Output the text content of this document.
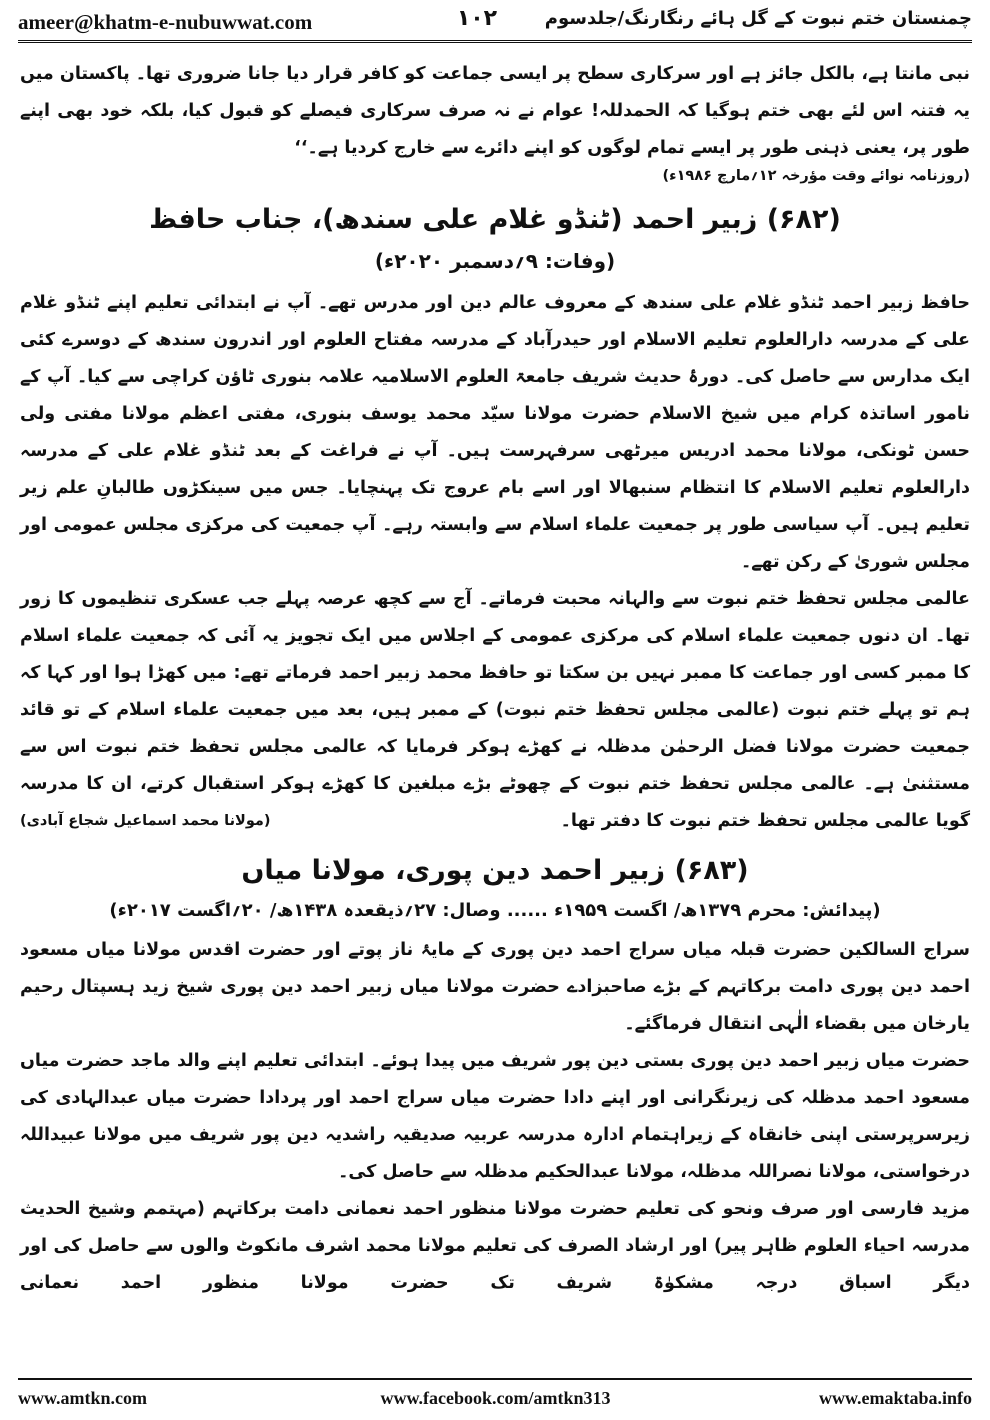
ameer@khatm-e-nubuwwat.com	۱۰۲	چمنستان ختم نبوت کے گل ہائے رنگارنگ/جلدسوم

نبی مانتا ہے، بالکل جائز ہے اور سرکاری سطح پر ایسی جماعت کو کافر قرار دیا جانا ضروری تھا۔ پاکستان میں یہ فتنہ اس لئے بھی ختم ہوگیا کہ الحمدللہ! عوام نے نہ صرف سرکاری فیصلے کو قبول کیا، بلکہ خود بھی اپنے طور پر، یعنی ذہنی طور پر ایسے تمام لوگوں کو اپنے دائرے سے خارج کردیا ہے۔‘‘
(روزنامہ نوائے وقت مؤرخہ ۱۲؍مارچ ۱۹۸۶ء)

(۶۸۲) زبیر احمد (ٹنڈو غلام علی سندھ)، جناب حافظ
(وفات: ۹؍دسمبر ۲۰۲۰ء)

حافظ زبیر احمد ٹنڈو غلام علی سندھ کے معروف عالم دین اور مدرس تھے۔ آپ نے ابتدائی تعلیم اپنے ٹنڈو غلام علی کے مدرسہ دارالعلوم تعلیم الاسلام اور حیدرآباد کے مدرسہ مفتاح العلوم اور اندرون سندھ کے دوسرے کئی ایک مدارس سے حاصل کی۔ دورۂ حدیث شریف جامعۃ العلوم الاسلامیہ علامہ بنوری ٹاؤن کراچی سے کیا۔ آپ کے نامور اساتذہ کرام میں شیخ الاسلام حضرت مولانا سیّد محمد یوسف بنوری، مفتی اعظم مولانا مفتی ولی حسن ٹونکی، مولانا محمد ادریس میرٹھی سرفہرست ہیں۔ آپ نے فراغت کے بعد ٹنڈو غلام علی کے مدرسہ دارالعلوم تعلیم الاسلام کا انتظام سنبھالا اور اسے بام عروج تک پہنچایا۔ جس میں سینکڑوں طالبانِ علم زیر تعلیم ہیں۔ آپ سیاسی طور پر جمعیت علماء اسلام سے وابستہ رہے۔ آپ جمعیت کی مرکزی مجلس عمومی اور مجلس شوریٰ کے رکن تھے۔

عالمی مجلس تحفظ ختم نبوت سے والہانہ محبت فرماتے۔ آج سے کچھ عرصہ پہلے جب عسکری تنظیموں کا زور تھا۔ ان دنوں جمعیت علماء اسلام کی مرکزی عمومی کے اجلاس میں ایک تجویز یہ آئی کہ جمعیت علماء اسلام کا ممبر کسی اور جماعت کا ممبر نہیں بن سکتا تو حافظ محمد زبیر احمد فرماتے تھے: میں کھڑا ہوا اور کہا کہ ہم تو پہلے ختم نبوت (عالمی مجلس تحفظ ختم نبوت) کے ممبر ہیں، بعد میں جمعیت علماء اسلام کے تو قائد جمعیت حضرت مولانا فضل الرحمٰن مدظلہ نے کھڑے ہوکر فرمایا کہ عالمی مجلس تحفظ ختم نبوت اس سے مستثنیٰ ہے۔ عالمی مجلس تحفظ ختم نبوت کے چھوٹے بڑے مبلغین کا کھڑے ہوکر استقبال کرتے، ان کا مدرسہ گویا عالمی مجلس تحفظ ختم نبوت کا دفتر تھا۔
(مولانا محمد اسماعیل شجاع آبادی)

(۶۸۳) زبیر احمد دین پوری، مولانا میاں
(پیدائش: محرم ۱۳۷۹ھ/ اگست ۱۹۵۹ء ...... وصال: ۲۷؍ذیقعدہ ۱۴۳۸ھ/ ۲۰؍اگست ۲۰۱۷ء)

سراج السالکین حضرت قبلہ میاں سراج احمد دین پوری کے مایۂ ناز پوتے اور حضرت اقدس مولانا میاں مسعود احمد دین پوری دامت برکاتہم کے بڑے صاحبزادے حضرت مولانا میاں زبیر احمد دین پوری شیخ زید ہسپتال رحیم یارخان میں بقضاء الٰہی انتقال فرماگئے۔

حضرت میاں زبیر احمد دین پوری بستی دین پور شریف میں پیدا ہوئے۔ ابتدائی تعلیم اپنے والد ماجد حضرت میاں مسعود احمد مدظلہ کی زیرنگرانی اور اپنے دادا حضرت میاں سراج احمد اور پردادا حضرت میاں عبدالہادی کی زیرسرپرستی اپنی خانقاہ کے زیراہتمام ادارہ مدرسہ عربیہ صدیقیہ راشدیہ دین پور شریف میں مولانا عبیداللہ درخواستی، مولانا نصراللہ مدظلہ، مولانا عبدالحکیم مدظلہ سے حاصل کی۔

مزید فارسی اور صرف ونحو کی تعلیم حضرت مولانا منظور احمد نعمانی دامت برکاتہم (مہتمم وشیخ الحدیث مدرسہ احیاء العلوم ظاہر پیر) اور ارشاد الصرف کی تعلیم مولانا محمد اشرف مانکوٹ والوں سے حاصل کی اور دیگر اسباق درجہ مشکوٰۃ شریف تک حضرت مولانا منظور احمد نعمانی

www.amtkn.com	www.facebook.com/amtkn313	www.emaktaba.info
